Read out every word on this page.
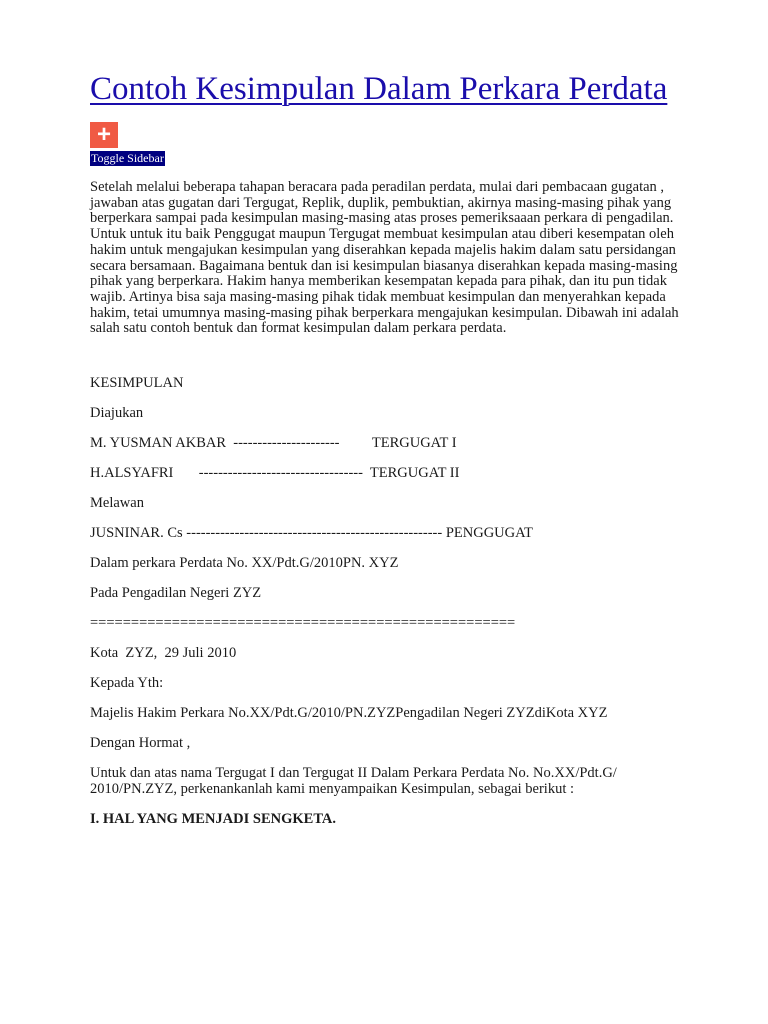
Contoh Kesimpulan Dalam Perkara Perdata
+
Toggle Sidebar

Setelah melalui beberapa tahapan beracara pada peradilan perdata, mulai dari pembacaan gugatan , jawaban atas gugatan dari Tergugat, Replik, duplik, pembuktian, akirnya masing-masing pihak yang berperkara sampai pada kesimpulan masing-masing atas proses pemeriksaaan perkara di pengadilan. Untuk untuk itu baik Penggugat maupun Tergugat membuat kesimpulan atau diberi kesempatan oleh hakim untuk mengajukan kesimpulan yang diserahkan kepada majelis hakim dalam satu persidangan secara bersamaan. Bagaimana bentuk dan isi kesimpulan biasanya diserahkan kepada masing-masing pihak yang berperkara. Hakim hanya memberikan kesempatan kepada para pihak, dan itu pun tidak wajib. Artinya bisa saja masing-masing pihak tidak membuat kesimpulan dan menyerahkan kepada hakim, tetai umumnya masing-masing pihak berperkara mengajukan kesimpulan. Dibawah ini adalah salah satu contoh bentuk dan format kesimpulan dalam perkara perdata.

KESIMPULAN

Diajukan

M. YUSMAN AKBAR  ----------------------         TERGUGAT I

H.ALSYAFRI       ----------------------------------  TERGUGAT II

Melawan

JUSNINAR. Cs ----------------------------------------------------- PENGGUGAT

Dalam perkara Perdata No. XX/Pdt.G/2010PN. XYZ

Pada Pengadilan Negeri ZYZ

====================================================

Kota  ZYZ,  29 Juli 2010

Kepada Yth:

Majelis Hakim Perkara No.XX/Pdt.G/2010/PN.ZYZPengadilan Negeri ZYZdiKota XYZ

Dengan Hormat ,

Untuk dan atas nama Tergugat I dan Tergugat II Dalam Perkara Perdata No. No.XX/Pdt.G/ 2010/PN.ZYZ, perkenankanlah kami menyampaikan Kesimpulan, sebagai berikut :

I. HAL YANG MENJADI SENGKETA.
